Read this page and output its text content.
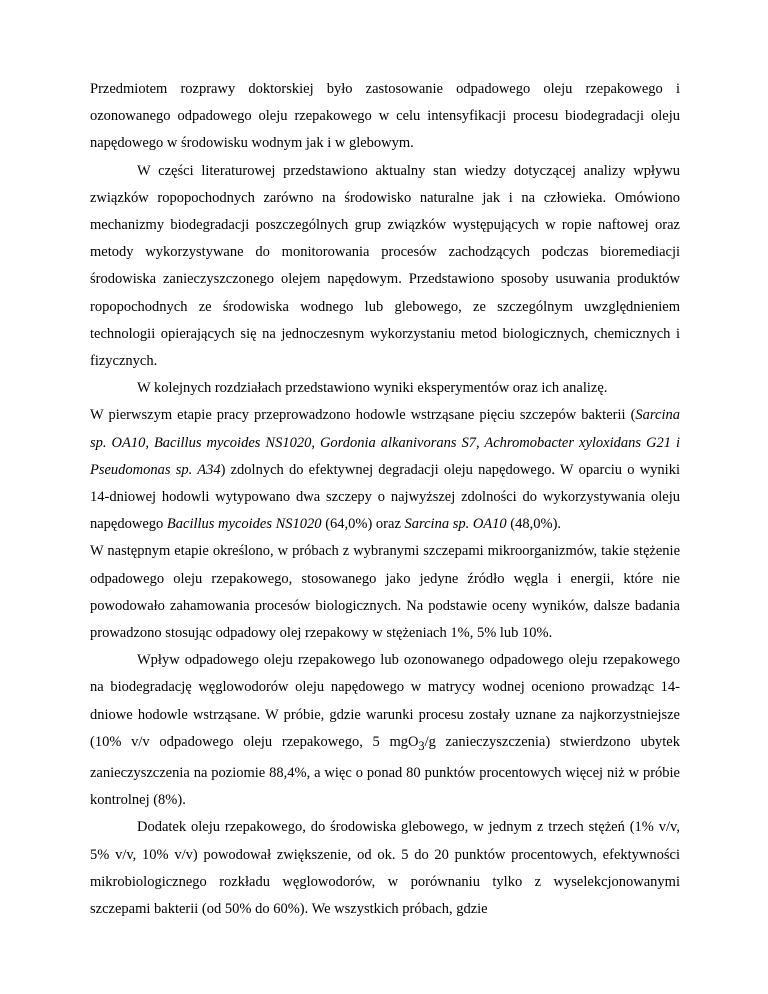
Przedmiotem rozprawy doktorskiej było zastosowanie odpadowego oleju rzepakowego i ozonowanego odpadowego oleju rzepakowego w celu intensyfikacji procesu biodegradacji oleju napędowego w środowisku wodnym jak i w glebowym.

W części literaturowej przedstawiono aktualny stan wiedzy dotyczącej analizy wpływu związków ropopochodnych zarówno na środowisko naturalne jak i na człowieka. Omówiono mechanizmy biodegradacji poszczególnych grup związków występujących w ropie naftowej oraz metody wykorzystywane do monitorowania procesów zachodzących podczas bioremediacji środowiska zanieczyszczonego olejem napędowym. Przedstawiono sposoby usuwania produktów ropopochodnych ze środowiska wodnego lub glebowego, ze szczególnym uwzględnieniem technologii opierających się na jednoczesnym wykorzystaniu metod biologicznych, chemicznych i fizycznych.

W kolejnych rozdziałach przedstawiono wyniki eksperymentów oraz ich analizę.

W pierwszym etapie pracy przeprowadzono hodowle wstrząsane pięciu szczepów bakterii (Sarcina sp. OA10, Bacillus mycoides NS1020, Gordonia alkanivorans S7, Achromobacter xyloxidans G21 i Pseudomonas sp. A34) zdolnych do efektywnej degradacji oleju napędowego. W oparciu o wyniki 14-dniowej hodowli wytypowano dwa szczepy o najwyższej zdolności do wykorzystywania oleju napędowego Bacillus mycoides NS1020 (64,0%) oraz Sarcina sp. OA10 (48,0%).

W następnym etapie określono, w próbach z wybranymi szczepami mikroorganizmów, takie stężenie odpadowego oleju rzepakowego, stosowanego jako jedyne źródło węgla i energii, które nie powodowało zahamowania procesów biologicznych. Na podstawie oceny wyników, dalsze badania prowadzono stosując odpadowy olej rzepakowy w stężeniach 1%, 5% lub 10%.

Wpływ odpadowego oleju rzepakowego lub ozonowanego odpadowego oleju rzepakowego na biodegradację węglowodorów oleju napędowego w matrycy wodnej oceniono prowadząc 14-dniowe hodowle wstrząsane. W próbie, gdzie warunki procesu zostały uznane za najkorzystniejsze (10% v/v odpadowego oleju rzepakowego, 5 mgO$_3$/g zanieczyszczenia) stwierdzono ubytek zanieczyszczenia na poziomie 88,4%, a więc o ponad 80 punktów procentowych więcej niż w próbie kontrolnej (8%).

Dodatek oleju rzepakowego, do środowiska glebowego, w jednym z trzech stężeń (1% v/v, 5% v/v, 10% v/v) powodował zwiększenie, od ok. 5 do 20 punktów procentowych, efektywności mikrobiologicznego rozkładu węglowodorów, w porównaniu tylko z wyselekcjonowanymi szczepami bakterii (od 50% do 60%). We wszystkich próbach, gdzie
